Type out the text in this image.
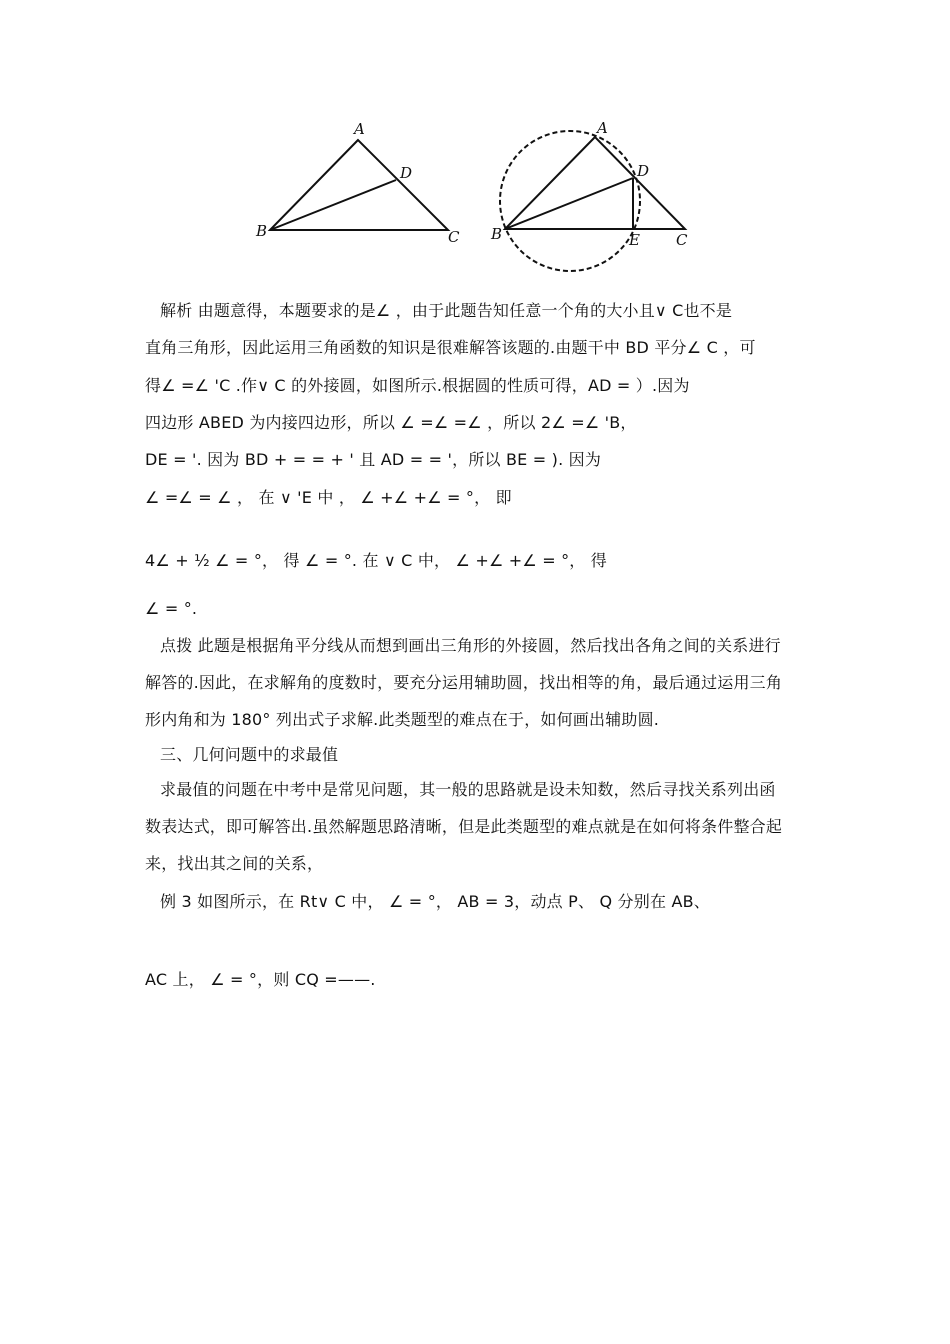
A
B	C
D
A
B	C
D
E
解析 由题意得，本题要求的是∠ ，由于此题告知任意一个角的大小且∨ C也不是
直角三角形，因此运用三角函数的知识是很难解答该题的.由题干中 BD 平分∠ C ，可
得∠ =∠ 'C .作∨ C 的外接圆，如图所示.根据圆的性质可得，AD = ）.因为
四边形 ABED 为内接四边形，所以 ∠ =∠ =∠ ，所以 2∠ =∠ 'B，
DE = '. 因为 BD + = = + ' 且 AD = = '，所以 BE = ). 因为
∠ =∠ = ∠ ， 在 ∨ 'E 中 ， ∠ +∠ +∠ = °， 即
4∠ + ½ ∠ = °， 得 ∠ = °. 在 ∨ C 中， ∠ +∠ +∠ = °， 得
∠ = °.
点拨 此题是根据角平分线从而想到画出三角形的外接圆，然后找出各角之间的关系进行
解答的.因此，在求解角的度数时，要充分运用辅助圆，找出相等的角，最后通过运用三角
形内角和为 180° 列出式子求解.此类题型的难点在于，如何画出辅助圆.
三、几何问题中的求最值
求最值的问题在中考中是常见问题，其一般的思路就是设未知数，然后寻找关系列出函
数表达式，即可解答出.虽然解题思路清晰，但是此类题型的难点就是在如何将条件整合起
来，找出其之间的关系，
例 3 如图所示，在 Rt∨ C 中， ∠ = °， AB = 3，动点 P、 Q 分别在 AB、
AC 上， ∠ = °，则 CQ =——.
